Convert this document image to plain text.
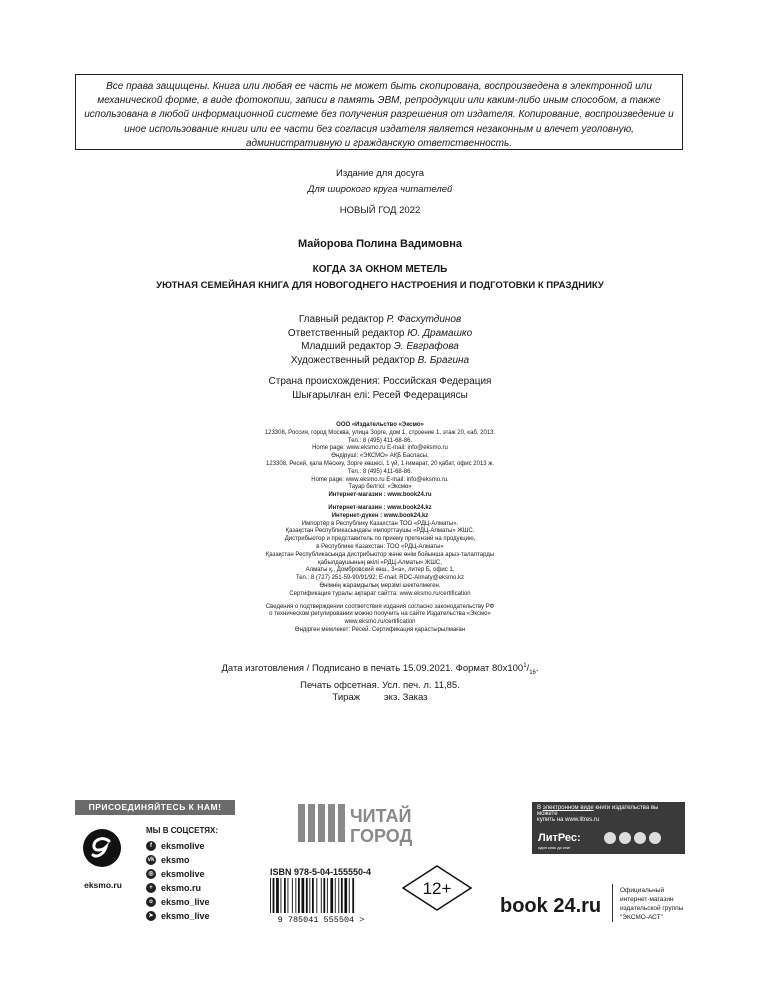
Все права защищены. Книга или любая ее часть не может быть скопирована, воспроизведена в электронной или механической форме, в виде фотокопии, записи в память ЭВМ, репродукции или каким-либо иным способом, а также использована в любой информационной системе без получения разрешения от издателя. Копирование, воспроизведение и иное использование книги или ее части без согласия издателя является незаконным и влечет уголовную, административную и гражданскую ответственность.
Издание для досуга
Для широкого круга читателей
НОВЫЙ ГОД 2022
Майорова Полина Вадимовна
КОГДА ЗА ОКНОМ МЕТЕЛЬ
УЮТНАЯ СЕМЕЙНАЯ КНИГА ДЛЯ НОВОГОДНЕГО НАСТРОЕНИЯ И ПОДГОТОВКИ К ПРАЗДНИКУ
Главный редактор Р. Фасхутдинов
Ответственный редактор Ю. Драмашко
Младший редактор Э. Евграфова
Художественный редактор В. Брагина
Страна происхождения: Российская Федерация
Шығарылған елі: Ресей Федерациясы
ООО «Издательство «Эксмо»
123308, Россия, город Москва, улица Зорге, дом 1, строение 1, этаж 20, каб. 2013.
Тел.: 8 (495) 411-68-86.
Home page: www.eksmo.ru E-mail: info@eksmo.ru
Өндіруші: «ЭКСМО» АҚБ Баспасы,
123308, Ресей, қала Мәскеу, Зорге көшесі, 1 үй, 1 ғимарат, 20 қабат, офис 2013 ж.
Тел.: 8 (495) 411-68-86.
Home page: www.eksmo.ru E-mail: info@eksmo.ru.
Тауар белгісі: «Эксмо»
Интернет-магазин : www.book24.ru
Интернет-магазин : www.book24.kz
Интернет-дүкен : www.book24.kz
Импортёр в Республику Казахстан ТОО «РДЦ-Алматы».
Қазақстан Республикасындағы импорттаушы «РДЦ-Алматы» ЖШС.
Дистрибьютор и представитель по приему претензий на продукцию,
в Республике Казахстан: ТОО «РДЦ-Алматы»
Қазақстан Республикасында дистрибьютор және өнім бойынша арыз-талаптарды
қабылдаушының өкілі «РДЦ-Алматы» ЖШС,
Алматы қ., Домбровский көш., 3«а», литер Б, офис 1.
Тел.: 8 (727) 251-59-90/91/92; E-mail: RDC-Almaty@eksmo.kz
Өнімнің жарамдылық мерзімі шектелмеген.
Сертификация туралы ақпарат сайтта: www.eksmo.ru/certification
Сведения о подтверждении соответствия издания согласно законодательству РФ
о техническом регулировании можно получить на сайте Издательства «Эксмо»
www.eksmo.ru/certification
Өндірген мемлекет: Ресей. Сертификация қарастырылмаған
Дата изготовления / Подписано в печать 15.09.2021. Формат $80x100^1/_{16}$.
Печать офсетная. Усл. печ. л. 11,85.
Тираж         экз. Заказ
ПРИСОЕДИНЯЙТЕСЬ К НАМ!
eksmo.ru
МЫ В СОЦСЕТЯХ:
f	eksmolive
vk eksmo
◎ eksmolive
+ eksmo.ru
o eksmo_live
➤ eksmo_live
ЧИТАЙ
ГОРОД
ISBN 978-5-04-155550-4
9 785041 555504 >
12+
В электронном виде книги издательства вы можете
купить на www.litres.ru
ЛитРес:
один клик до книг
book 24.ru
Официальный
интернет-магазин
издательской группы
"ЭКСМО-АСТ"
